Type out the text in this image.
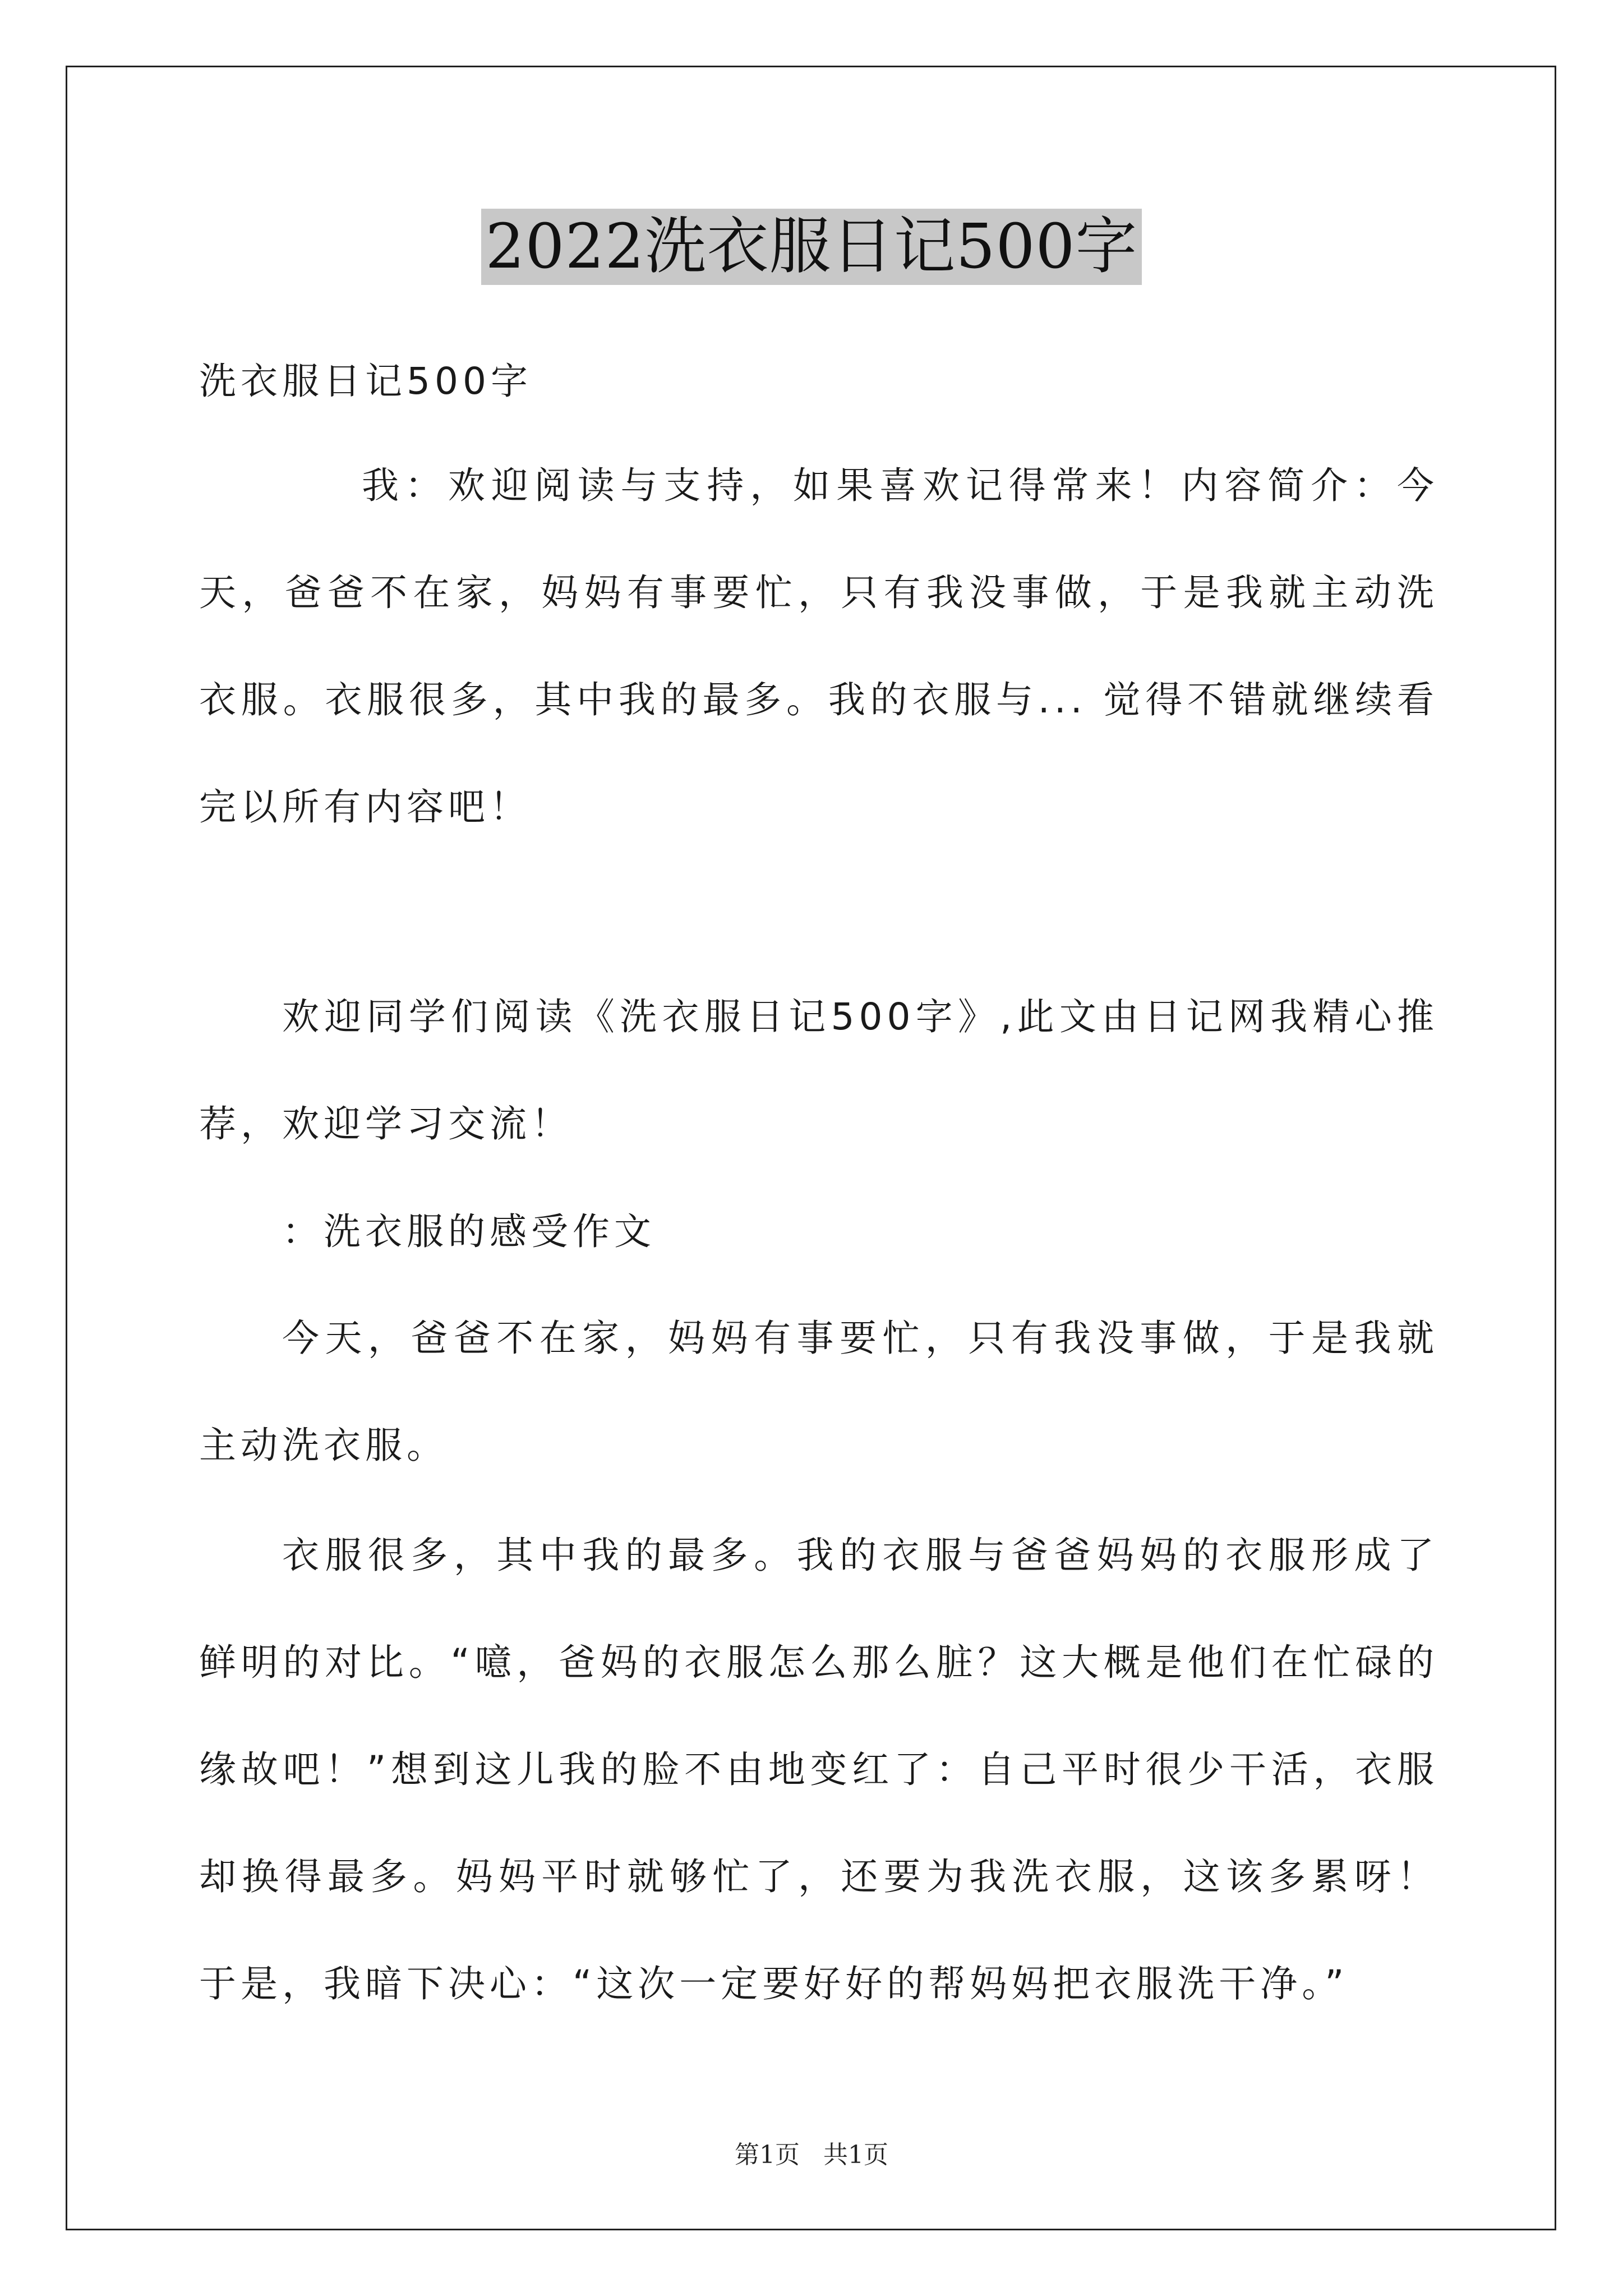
2022洗衣服日记500字
洗衣服日记500字
我：欢迎阅读与支持，如果喜欢记得常来！内容简介：今天，爸爸不在家，妈妈有事要忙，只有我没事做，于是我就主动洗衣服。衣服很多，其中我的最多。我的衣服与... 觉得不错就继续看完以所有内容吧！
欢迎同学们阅读《洗衣服日记500字》,此文由日记网我精心推荐，欢迎学习交流！
：洗衣服的感受作文
今天，爸爸不在家，妈妈有事要忙，只有我没事做，于是我就主动洗衣服。
衣服很多，其中我的最多。我的衣服与爸爸妈妈的衣服形成了鲜明的对比。“噫，爸妈的衣服怎么那么脏？这大概是他们在忙碌的缘故吧！”想到这儿我的脸不由地变红了：自己平时很少干活，衣服却换得最多。妈妈平时就够忙了，还要为我洗衣服，这该多累呀！于是，我暗下决心：“这次一定要好好的帮妈妈把衣服洗干净。”
第1页   共1页
